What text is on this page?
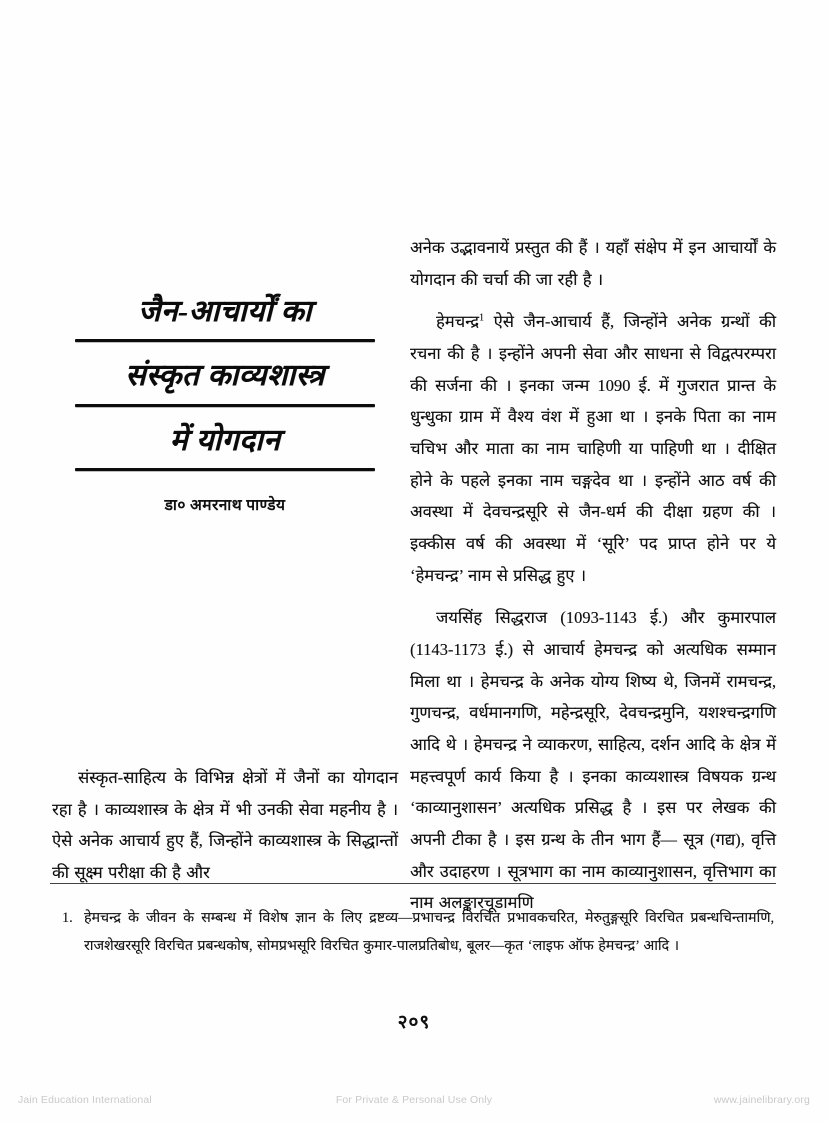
जैन-आचार्यों का
संस्कृत काव्यशास्त्र
में योगदान
डा० अमरनाथ पाण्डेय

संस्कृत-साहित्य के विभिन्न क्षेत्रों में जैनों का योगदान रहा है । काव्यशास्त्र के क्षेत्र में भी उनकी सेवा महनीय है । ऐसे अनेक आचार्य हुए हैं, जिन्होंने काव्यशास्त्र के सिद्धान्तों की सूक्ष्म परीक्षा की है और

अनेक उद्भावनायें प्रस्तुत की हैं । यहाँ संक्षेप में इन आचार्यों के योगदान की चर्चा की जा रही है ।

हेमचन्द्र$^1$ ऐसे जैन-आचार्य हैं, जिन्होंने अनेक ग्रन्थों की रचना की है । इन्होंने अपनी सेवा और साधना से विद्वत्परम्परा की सर्जना की । इनका जन्म 1090 ई. में गुजरात प्रान्त के धुन्धुका ग्राम में वैश्य वंश में हुआ था । इनके पिता का नाम चचिभ और माता का नाम चाहिणी या पाहिणी था । दीक्षित होने के पहले इनका नाम चङ्गदेव था । इन्होंने आठ वर्ष की अवस्था में देवचन्द्रसूरि से जैन-धर्म की दीक्षा ग्रहण की । इक्कीस वर्ष की अवस्था में ‘सूरि’ पद प्राप्त होने पर ये ‘हेमचन्द्र’ नाम से प्रसिद्ध हुए ।

जयसिंह सिद्धराज (1093-1143 ई.) और कुमारपाल (1143-1173 ई.) से आचार्य हेमचन्द्र को अत्यधिक सम्मान मिला था । हेमचन्द्र के अनेक योग्य शिष्य थे, जिनमें रामचन्द्र, गुणचन्द्र, वर्धमानगणि, महेन्द्रसूरि, देवचन्द्रमुनि, यशश्चन्द्रगणि आदि थे । हेमचन्द्र ने व्याकरण, साहित्य, दर्शन आदि के क्षेत्र में महत्त्वपूर्ण कार्य किया है । इनका काव्यशास्त्र विषयक ग्रन्थ ‘काव्यानुशासन’ अत्यधिक प्रसिद्ध है । इस पर लेखक की अपनी टीका है । इस ग्रन्थ के तीन भाग हैं— सूत्र (गद्य), वृत्ति और उदाहरण । सूत्रभाग का नाम काव्यानुशासन, वृत्तिभाग का नाम अलङ्कारचूडामणि

1. हेमचन्द्र के जीवन के सम्बन्ध में विशेष ज्ञान के लिए द्रष्टव्य—प्रभाचन्द्र विरचित प्रभावकचरित, मेरुतुङ्गसूरि विरचित प्रबन्धचिन्तामणि, राजशेखरसूरि विरचित प्रबन्धकोष, सोमप्रभसूरि विरचित कुमार-पालप्रतिबोध, बूलर—कृत ‘लाइफ ऑफ हेमचन्द्र’ आदि ।
२०९
Jain Education International	For Private & Personal Use Only	www.jainelibrary.org
